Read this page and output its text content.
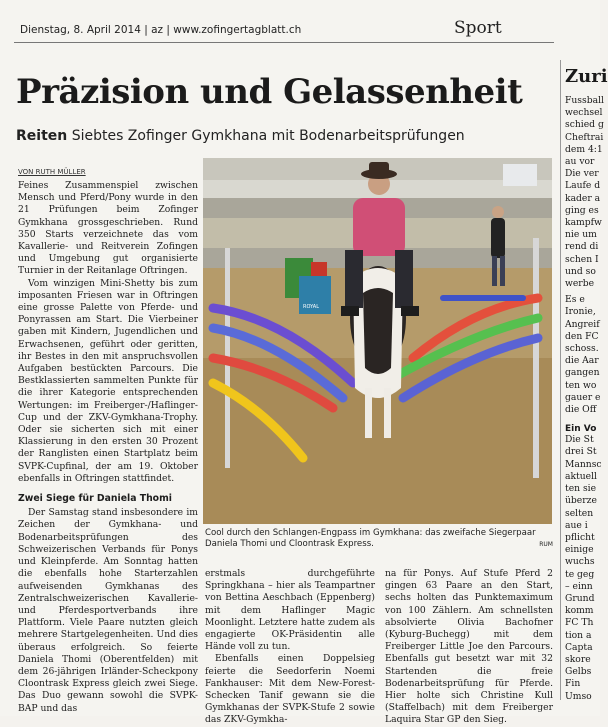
Dienstag, 8. April 2014 | az | www.zofingertagblatt.ch	Sport
Präzision und Gelassenheit
Reiten Siebtes Zofinger Gymkhana mit Bodenarbeitsprüfungen
VON RUTH MÜLLER

Feines Zusammenspiel zwischen Mensch und Pferd/Pony wurde in den 21 Prüfungen beim Zofinger Gymkhana grossgeschrieben. Rund 350 Starts verzeichnete das vom Kavallerie- und Reitverein Zofingen und Umgebung gut organisierte Turnier in der Reitanlage Oftringen.

Vom winzigen Mini-Shetty bis zum imposanten Friesen war in Oftringen eine grosse Palette von Pferde- und Ponyrassen am Start. Die Vierbeiner gaben mit Kindern, Jugendlichen und Erwachsenen, geführt oder geritten, ihr Bestes in den mit anspruchsvollen Aufgaben bestückten Parcours. Die Bestklassierten sammelten Punkte für die ihrer Kategorie entsprechenden Wertungen: im Freiberger-/Haflinger-Cup und der ZKV-Gymkhana-Trophy. Oder sie sicherten sich mit einer Klassierung in den ersten 30 Prozent der Ranglisten einen Startplatz beim SVPK-Cupfinal, der am 19. Oktober ebenfalls in Oftringen stattfindet.

Zwei Siege für Daniela Thomi

Der Samstag stand insbesondere im Zeichen der Gymkhana- und Bodenarbeitsprüfungen des Schweizerischen Verbands für Ponys und Kleinpferde. Am Sonntag hatten die ebenfalls hohe Starterzahlen aufweisenden Gymkhanas des Zentralschweizerischen Kavallerie- und Pferdesportverbands ihre Plattform. Viele Paare nutzten gleich mehrere Startgelegenheiten. Und dies überaus erfolgreich. So feierte Daniela Thomi (Oberentfelden) mit dem 26-jährigen Irländer-Scheckpony Cloontrask Express gleich zwei Siege. Das Duo gewann sowohl die SVPK-BAP und das

ROYAL
Cool durch den Schlangen-Engpass im Gymkhana: das zweifache Siegerpaar Daniela Thomi und Cloontrask Express.	RUM

erstmals durchgeführte Springkhana – hier als Teampartner von Bettina Aeschbach (Eppenberg) mit dem Haflinger Magic Moonlight. Letztere hatte zudem als engagierte OK-Präsidentin alle Hände voll zu tun.

Ebenfalls einen Doppelsieg feierte die Seedorferin Noemi Fankhauser: Mit dem New-Forest-Schecken Tanif gewann sie die Gymkhanas der SVPK-Stufe 2 sowie das ZKV-Gymkha-

na für Ponys. Auf Stufe Pferd 2 gingen 63 Paare an den Start, sechs holten das Punktemaximum von 100 Zählern. Am schnellsten absolvierte Olivia Bachofner (Kyburg-Buchegg) mit dem Freiberger Little Joe den Parcours. Ebenfalls gut besetzt war mit 32 Startenden die freie Bodenarbeitsprüfung für Pferde. Hier holte sich Christine Kull (Staffelbach) mit dem Freiberger Laquira Star GP den Sieg.

Zuri
Fussball
wechsel
schied g
Cheftrai
dem 4:1
au vor
Die ver
Laufe d
kader a
ging es
kampfw
nie um
rend di
schen I
und so
werbe
Es e
Ironie,
Angreif
den FC
schoss.
die Aar
gangen
ten wo
gauer e
die Off
Ein Vo
Die St
drei St
Mannsc
aktuell
ten sie
überze
selten
aue i
pflicht
einige
wuchs
te geg
– einn
Grund
komm
FC Th
tion a
Capta
skore
Gelbs
Fin
Umso
